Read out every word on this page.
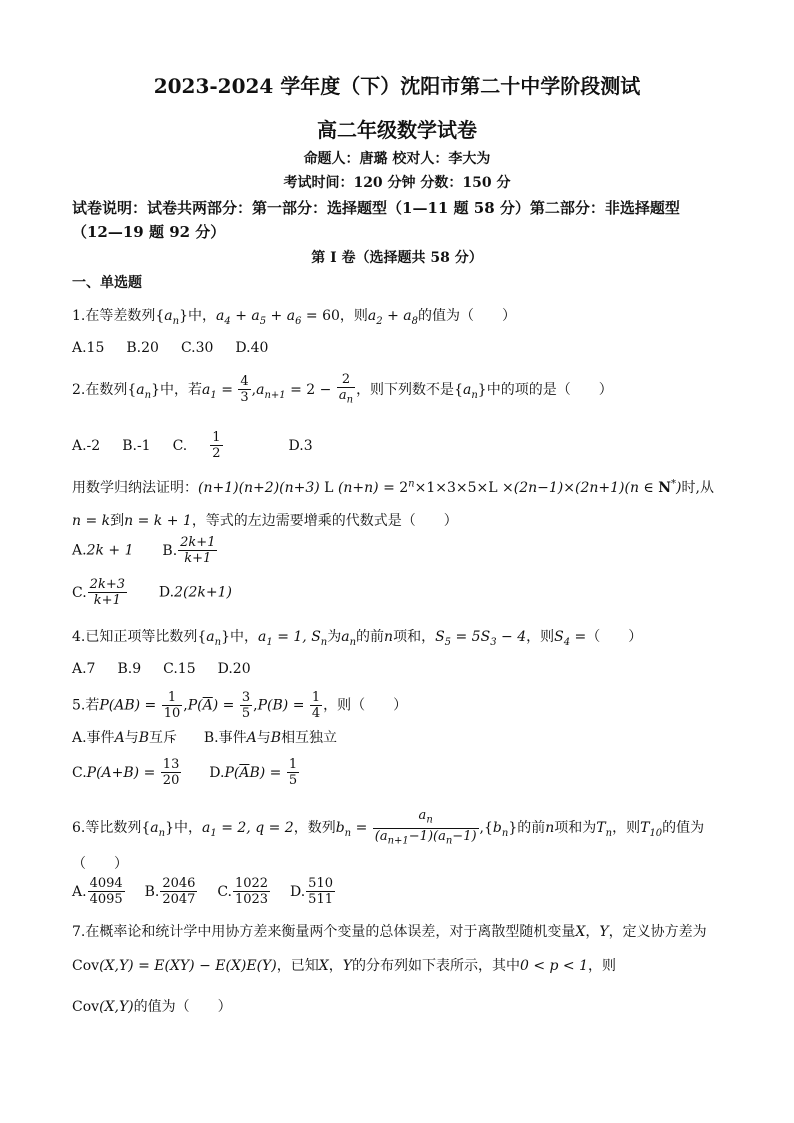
2023-2024 学年度（下）沈阳市第二十中学阶段测试
高二年级数学试卷
命题人：唐璐 校对人：李大为
考试时间：120 分钟 分数：150 分
试卷说明：试卷共两部分：第一部分：选择题型（1—11 题 58 分）第二部分：非选择题型
（12—19 题 92 分）
第 I 卷（选择题共 58 分）
一、单选题
1.在等差数列$\{a_n\}$中，$a_4 + a_5 + a_6 = 60$，则$a_2 + a_8$的值为（　　）
A.15 B.20 C.30 D.40
2.在数列$\{a_n\}$中，若$a_1 = \frac{4}{3} ,a_{n+1} = 2 - \frac{2}{a_n}$ ，则下列数不是$\{a_n\}$中的项的是（　　）
A.-2 B.-1 C. $\frac{1}{2}$	D.3
用数学归纳法证明：(n+1)(n+2)(n+3) L $(n+n) = 2^n\times 1\times 3\times 5\times L \times(2n-1)\times(2n+1)(n$ ∈ N*)时,从
n = k到n = k + 1，等式的左边需要增乘的代数式是（　　）
A.2k + 1 B. $\frac{2k+1}{k+1}$
C. $\frac{2k+3}{k+1} D.2(2k+1)$
4.已知正项等比数列$\{a_n\}$中，$a_1 = 1$, $S_n$为$a_n$的前n项和，$S_5 = 5S_3 - 4$，则$S_4$ =（　　）
A.7 B.9 C.15 D.20
5.若$P(AB) = \frac{1}{10} ,P(\overline{A}) = \frac{3}{5} ,P(B) = \frac{1}{4}$ ，则（　　）
A.事件A与B互斥 B.事件A与B相互独立
$C.P(A+B) = \frac{13}{20} D.P(\overline{A}B) = \frac{1}{5}$
6.等比数列$\{a_n\}$中，$a_1 = 2$, q = 2，数列$b_n = \frac{a_n}{(a_{n+1}-1)(a_n-1)} ,\{b_n\}$的前n项和为$T_n$，则$T_{10}$的值为
（　　）
A. $\frac{4094}{4095} B$. $\frac{2046}{2047} C$. $\frac{1022}{1023} D$. $\frac{510}{511}$
7.在概率论和统计学中用协方差来衡量两个变量的总体误差，对于离散型随机变量X，Y，定义协方差为
Cov(X,Y) = E(XY) − E(X)E(Y)，已知X，Y的分布列如下表所示，其中0 < p < 1，则
Cov(X,Y)的值为（　　）
